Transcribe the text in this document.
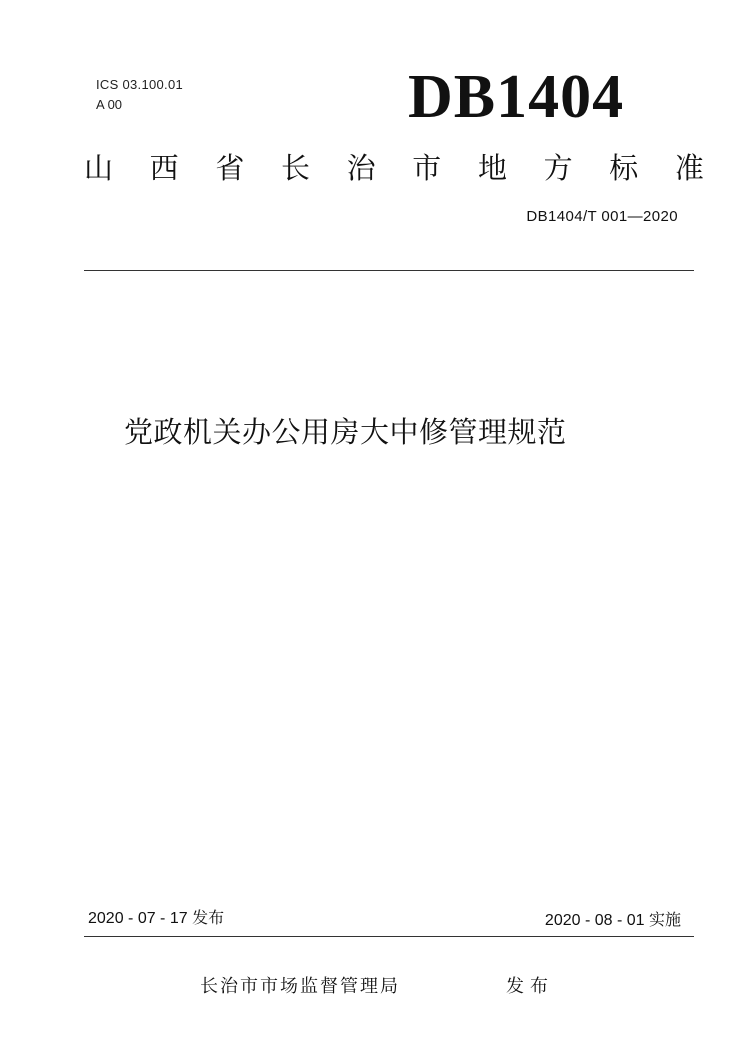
ICS 03.100.01
A 00	DB1404
山 西 省 长 治 市 地 方 标 准
DB1404/T 001—2020
党政机关办公用房大中修管理规范
2020 - 07 - 17 发布	2020 - 08 - 01 实施
长治市市场监督管理局	发布
